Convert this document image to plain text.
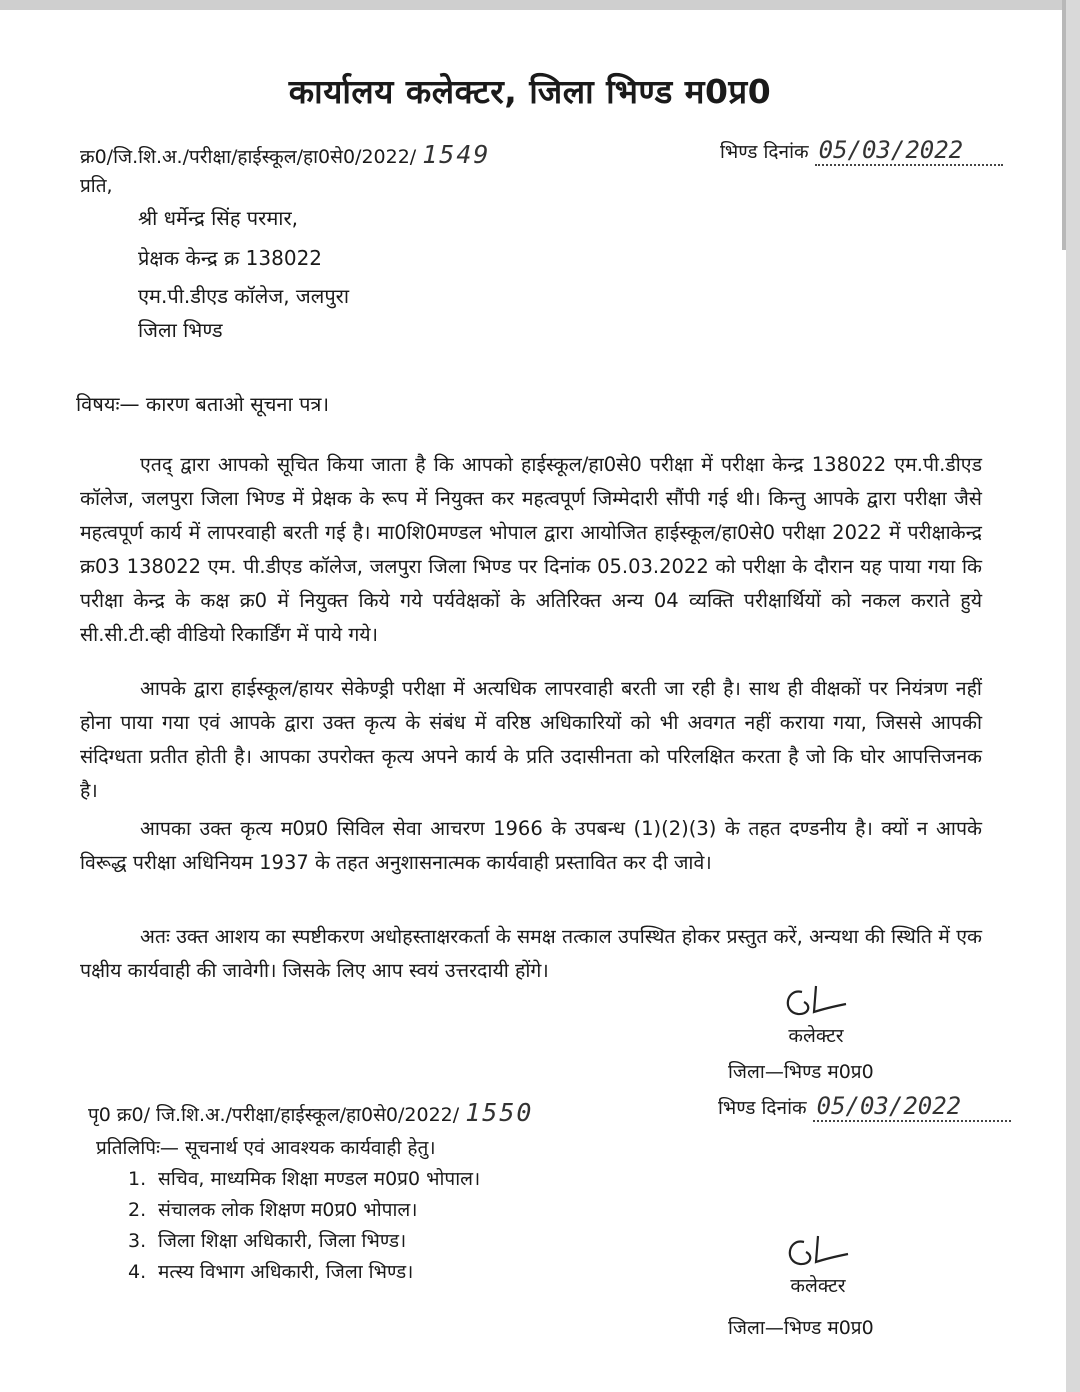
कार्यालय कलेक्टर, जिला भिण्ड म0प्र0
क्र0/जि.शि.अ./परीक्षा/हाईस्कूल/हा0से0/2022/ 1549	भिण्ड दिनांक 05/03/2022
प्रति,
श्री धर्मेन्द्र सिंह परमार,
प्रेक्षक केन्द्र क्र 138022
एम.पी.डीएड कॉलेज, जलपुरा
जिला भिण्ड
विषयः— कारण बताओ सूचना पत्र।
एतद् द्वारा आपको सूचित किया जाता है कि आपको हाईस्कूल/हा0से0 परीक्षा में परीक्षा केन्द्र 138022 एम.पी.डीएड कॉलेज, जलपुरा जिला भिण्ड में प्रेक्षक के रूप में नियुक्त कर महत्वपूर्ण जिम्मेदारी सौंपी गई थी। किन्तु आपके द्वारा परीक्षा जैसे महत्वपूर्ण कार्य में लापरवाही बरती गई है। मा0शि0मण्डल भोपाल द्वारा आयोजित हाईस्कूल/हा0से0 परीक्षा 2022 में परीक्षाकेन्द्र क्र03 138022 एम. पी.डीएड कॉलेज, जलपुरा जिला भिण्ड पर दिनांक 05.03.2022 को परीक्षा के दौरान यह पाया गया कि परीक्षा केन्द्र के कक्ष क्र0 में नियुक्त किये गये पर्यवेक्षकों के अतिरिक्त अन्य 04 व्यक्ति परीक्षार्थियों को नकल कराते हुये सी.सी.टी.व्ही वीडियो रिकार्डिंग में पाये गये।
आपके द्वारा हाईस्कूल/हायर सेकेण्ड्री परीक्षा में अत्यधिक लापरवाही बरती जा रही है। साथ ही वीक्षकों पर नियंत्रण नहीं होना पाया गया एवं आपके द्वारा उक्त कृत्य के संबंध में वरिष्ठ अधिकारियों को भी अवगत नहीं कराया गया, जिससे आपकी संदिग्धता प्रतीत होती है। आपका उपरोक्त कृत्य अपने कार्य के प्रति उदासीनता को परिलक्षित करता है जो कि घोर आपत्तिजनक है।
आपका उक्त कृत्य म0प्र0 सिविल सेवा आचरण 1966 के उपबन्ध (1)(2)(3) के तहत दण्डनीय है। क्यों न आपके विरूद्ध परीक्षा अधिनियम 1937 के तहत अनुशासनात्मक कार्यवाही प्रस्तावित कर दी जावे।
अतः उक्त आशय का स्पष्टीकरण अधोहस्ताक्षरकर्ता के समक्ष तत्काल उपस्थित होकर प्रस्तुत करें, अन्यथा की स्थिति में एक पक्षीय कार्यवाही की जावेगी। जिसके लिए आप स्वयं उत्तरदायी होंगे।
कलेक्टर
जिला—भिण्ड म0प्र0
पृ0 क्र0/ जि.शि.अ./परीक्षा/हाईस्कूल/हा0से0/2022/ 1550	भिण्ड दिनांक 05/03/2022
प्रतिलिपिः— सूचनार्थ एवं आवश्यक कार्यवाही हेतु।
1. सचिव, माध्यमिक शिक्षा मण्डल म0प्र0 भोपाल।
2. संचालक लोक शिक्षण म0प्र0 भोपाल।
3. जिला शिक्षा अधिकारी, जिला भिण्ड।
4. मत्स्य विभाग अधिकारी, जिला भिण्ड।
कलेक्टर
जिला—भिण्ड म0प्र0
